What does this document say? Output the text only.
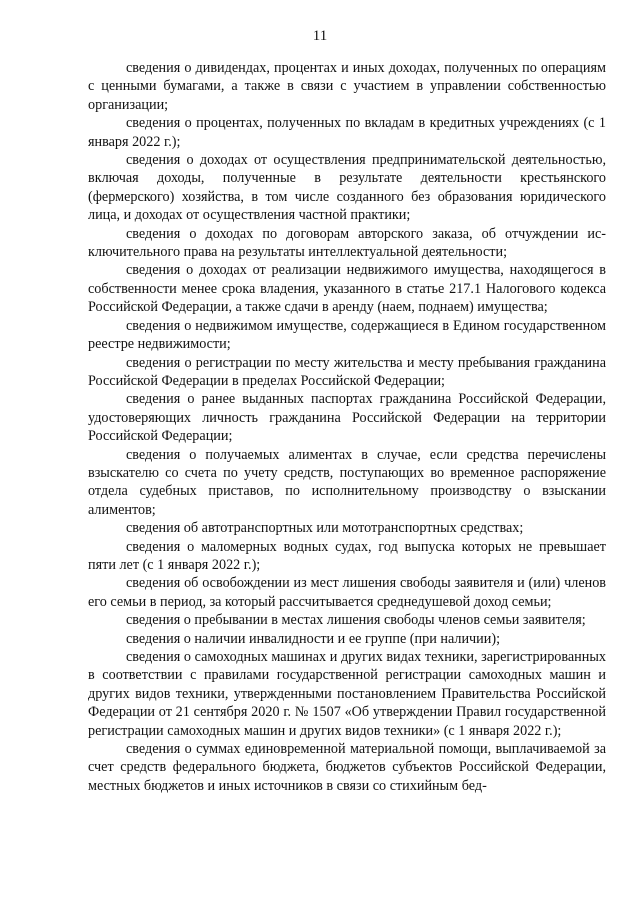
11

сведения о дивидендах, процентах и иных доходах, полученных по операциям с ценными бумагами, а также в связи с участием в управлении собственностью организации;

сведения о процентах, полученных по вкладам в кредитных учреждениях (с 1 января 2022 г.);

сведения о доходах от осуществления предпринимательской деятельностью, включая доходы, полученные в результате деятельности крестьянского (фермерского) хозяйства, в том числе созданного без образования юридического лица, и доходах от осуществления частной практики;

сведения о доходах по договорам авторского заказа, об отчуждении исключительного права на результаты интеллектуальной деятельности;

сведения о доходах от реализации недвижимого имущества, находящегося в собственности менее срока владения, указанного в статье 217.1 Налогового кодекса Российской Федерации, а также сдачи в аренду (наем, поднаем) имущества;

сведения о недвижимом имуществе, содержащиеся в Едином государственном реестре недвижимости;

сведения о регистрации по месту жительства и месту пребывания гражданина Российской Федерации в пределах Российской Федерации;

сведения о ранее выданных паспортах гражданина Российской Федерации, удостоверяющих личность гражданина Российской Федерации на территории Российской Федерации;

сведения о получаемых алиментах в случае, если средства перечислены взыскателю со счета по учету средств, поступающих во временное распоряжение отдела судебных приставов, по исполнительному производству о взыскании алиментов;

сведения об автотранспортных или мототранспортных средствах;

сведения о маломерных водных судах, год выпуска которых не превышает пяти лет (с 1 января 2022 г.);

сведения об освобождении из мест лишения свободы заявителя и (или) членов его семьи в период, за который рассчитывается среднедушевой доход семьи;

сведения о пребывании в местах лишения свободы членов семьи заявителя;

сведения о наличии инвалидности и ее группе (при наличии);

сведения о самоходных машинах и других видах техники, зарегистрированных в соответствии с правилами государственной регистрации самоходных машин и других видов техники, утвержденными постановлением Правительства Российской Федерации от 21 сентября 2020 г. № 1507 «Об утверждении Правил государственной регистрации самоходных машин и других видов техники» (с 1 января 2022 г.);

сведения о суммах единовременной материальной помощи, выплачиваемой за счет средств федерального бюджета, бюджетов субъектов Российской Федерации, местных бюджетов и иных источников в связи со стихийным бед-
